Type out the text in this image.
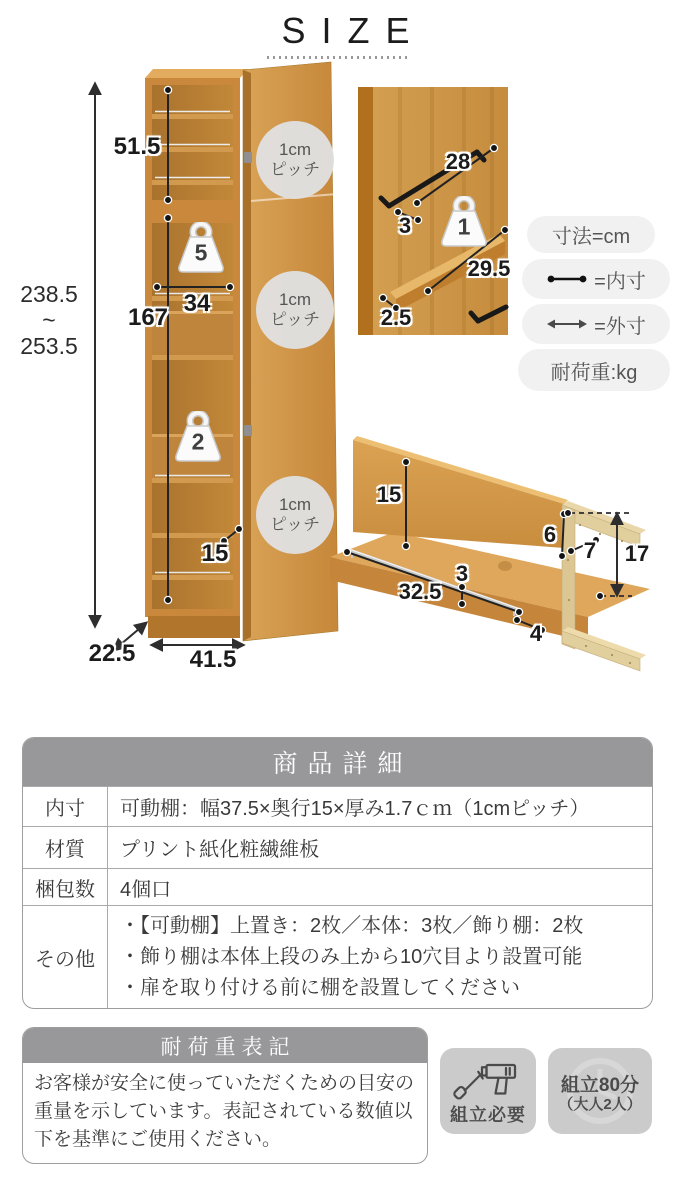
SIZE
238.5
~
253.5
51.5
167
34
15
22.5 41.5
28
3
29.5
2.5
15
6
7 17
3
32.5
4
5
2
1
1cm
ピッチ
1cm
ピッチ
1cm
ピッチ
寸法=cm
=内寸
=外寸
耐荷重:kg
商品詳細
内寸	可動棚：幅37.5×奥行15×厚み1.7ｃｍ（1cmピッチ）
材質	プリント紙化粧繊維板
梱包数	4個口
その他
・【可動棚】上置き：2枚／本体：3枚／飾り棚：2枚
・飾り棚は本体上段のみ上から10穴目より設置可能
・扉を取り付ける前に棚を設置してください
耐荷重表記
お客様が安全に使っていただくための目安の重量を示しています。表記されている数値以下を基準にご使用ください。
組立必要
組立80分
（大人2人）
